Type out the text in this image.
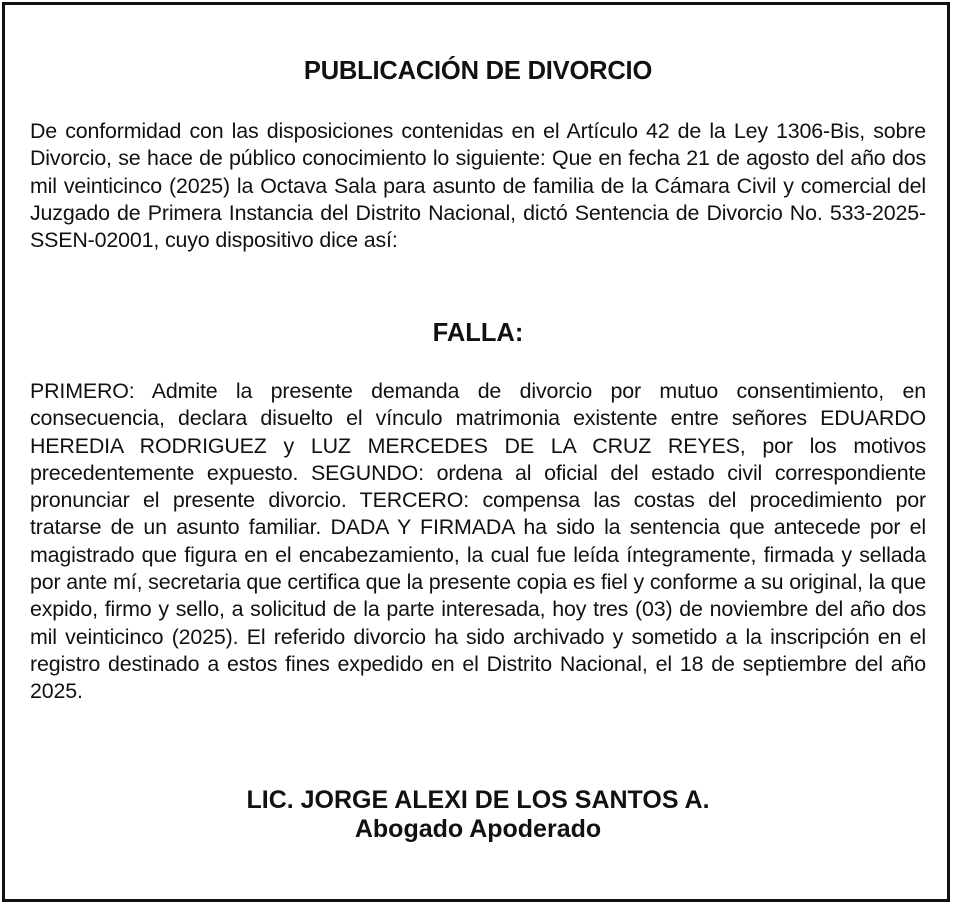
PUBLICACIÓN DE DIVORCIO

De conformidad con las disposiciones contenidas en el Artículo 42 de la Ley 1306-Bis, sobre Divorcio, se hace de público conocimiento lo siguiente: Que en fecha 21 de agosto del año dos mil veinticinco (2025) la Octava Sala para asunto de familia de la Cámara Civil y comercial del Juzgado de Primera Instancia del Distrito Nacional, dictó Sentencia de Divorcio No. 533-2025-SSEN-02001, cuyo dispositivo dice así:

FALLA:

PRIMERO: Admite la presente demanda de divorcio por mutuo consentimiento, en consecuencia, declara disuelto el vínculo matrimonia existente entre señores EDUARDO HEREDIA RODRIGUEZ y LUZ MERCEDES DE LA CRUZ REYES, por los motivos precedentemente expuesto. SEGUNDO: ordena al oficial del estado civil correspondiente pronunciar el presente divorcio. TERCERO: compensa las costas del procedimiento por tratarse de un asunto familiar. DADA Y FIRMADA ha sido la sentencia que antecede por el magistrado que figura en el encabezamiento, la cual fue leída íntegramente, firmada y sellada por ante mí, secretaria que certifica que la presente copia es fiel y conforme a su original, la que expido, firmo y sello, a solicitud de la parte interesada, hoy tres (03) de noviembre del año dos mil veinticinco (2025). El referido divorcio ha sido archivado y sometido a la inscripción en el registro destinado a estos fines expedido en el Distrito Nacional, el 18 de septiembre del año 2025.

LIC. JORGE ALEXI DE LOS SANTOS A.
Abogado Apoderado
